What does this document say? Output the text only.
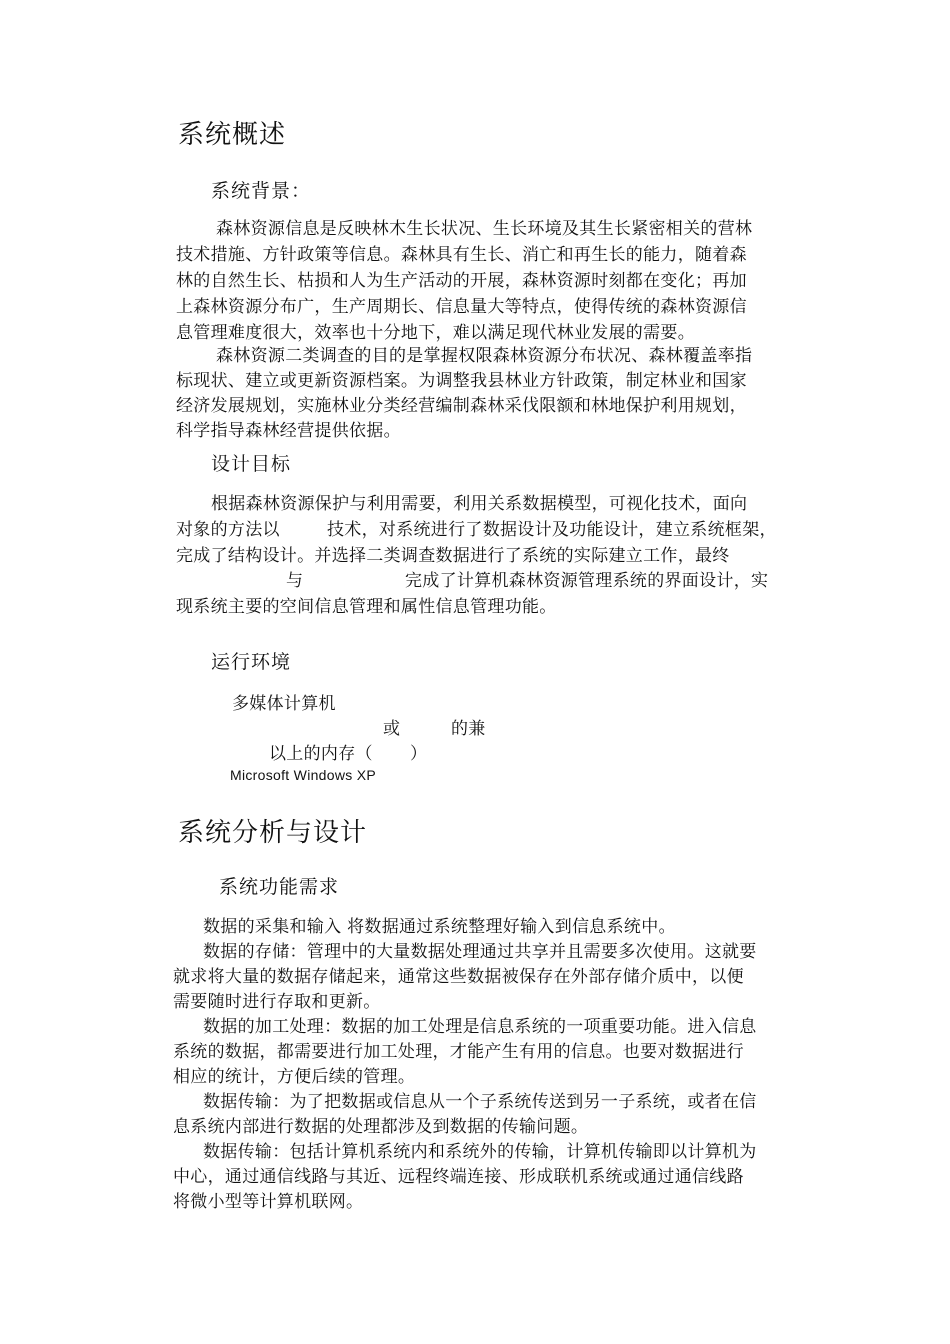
系统概述
系统背景：
森林资源信息是反映林木生长状况、生长环境及其生长紧密相关的营林
技术措施、方针政策等信息。森林具有生长、消亡和再生长的能力，随着森
林的自然生长、枯损和人为生产活动的开展，森林资源时刻都在变化；再加
上森林资源分布广，生产周期长、信息量大等特点，使得传统的森林资源信
息管理难度很大，效率也十分地下，难以满足现代林业发展的需要。
森林资源二类调查的目的是掌握权限森林资源分布状况、森林覆盖率指
标现状、建立或更新资源档案。为调整我县林业方针政策，制定林业和国家
经济发展规划，实施林业分类经营编制森林采伐限额和林地保护利用规划，
科学指导森林经营提供依据。
设计目标
根据森林资源保护与利用需要，利用关系数据模型，可视化技术，面向
对象的方法以	技术，对系统进行了数据设计及功能设计，建立系统框架，
完成了结构设计。并选择二类调查数据进行了系统的实际建立工作，最终
与	完成了计算机森林资源管理系统的界面设计，实
现系统主要的空间信息管理和属性信息管理功能。
运行环境
多媒体计算机
或	的兼
以上的内存（ ）
Microsoft Windows XP
系统分析与设计
系统功能需求
数据的采集和输入 将数据通过系统整理好输入到信息系统中。
数据的存储：管理中的大量数据处理通过共享并且需要多次使用。这就要
就求将大量的数据存储起来，通常这些数据被保存在外部存储介质中，以便
需要随时进行存取和更新。
数据的加工处理：数据的加工处理是信息系统的一项重要功能。进入信息
系统的数据，都需要进行加工处理，才能产生有用的信息。也要对数据进行
相应的统计，方便后续的管理。
数据传输：为了把数据或信息从一个子系统传送到另一子系统，或者在信
息系统内部进行数据的处理都涉及到数据的传输问题。
数据传输：包括计算机系统内和系统外的传输，计算机传输即以计算机为
中心，通过通信线路与其近、远程终端连接、形成联机系统或通过通信线路
将微小型等计算机联网。
